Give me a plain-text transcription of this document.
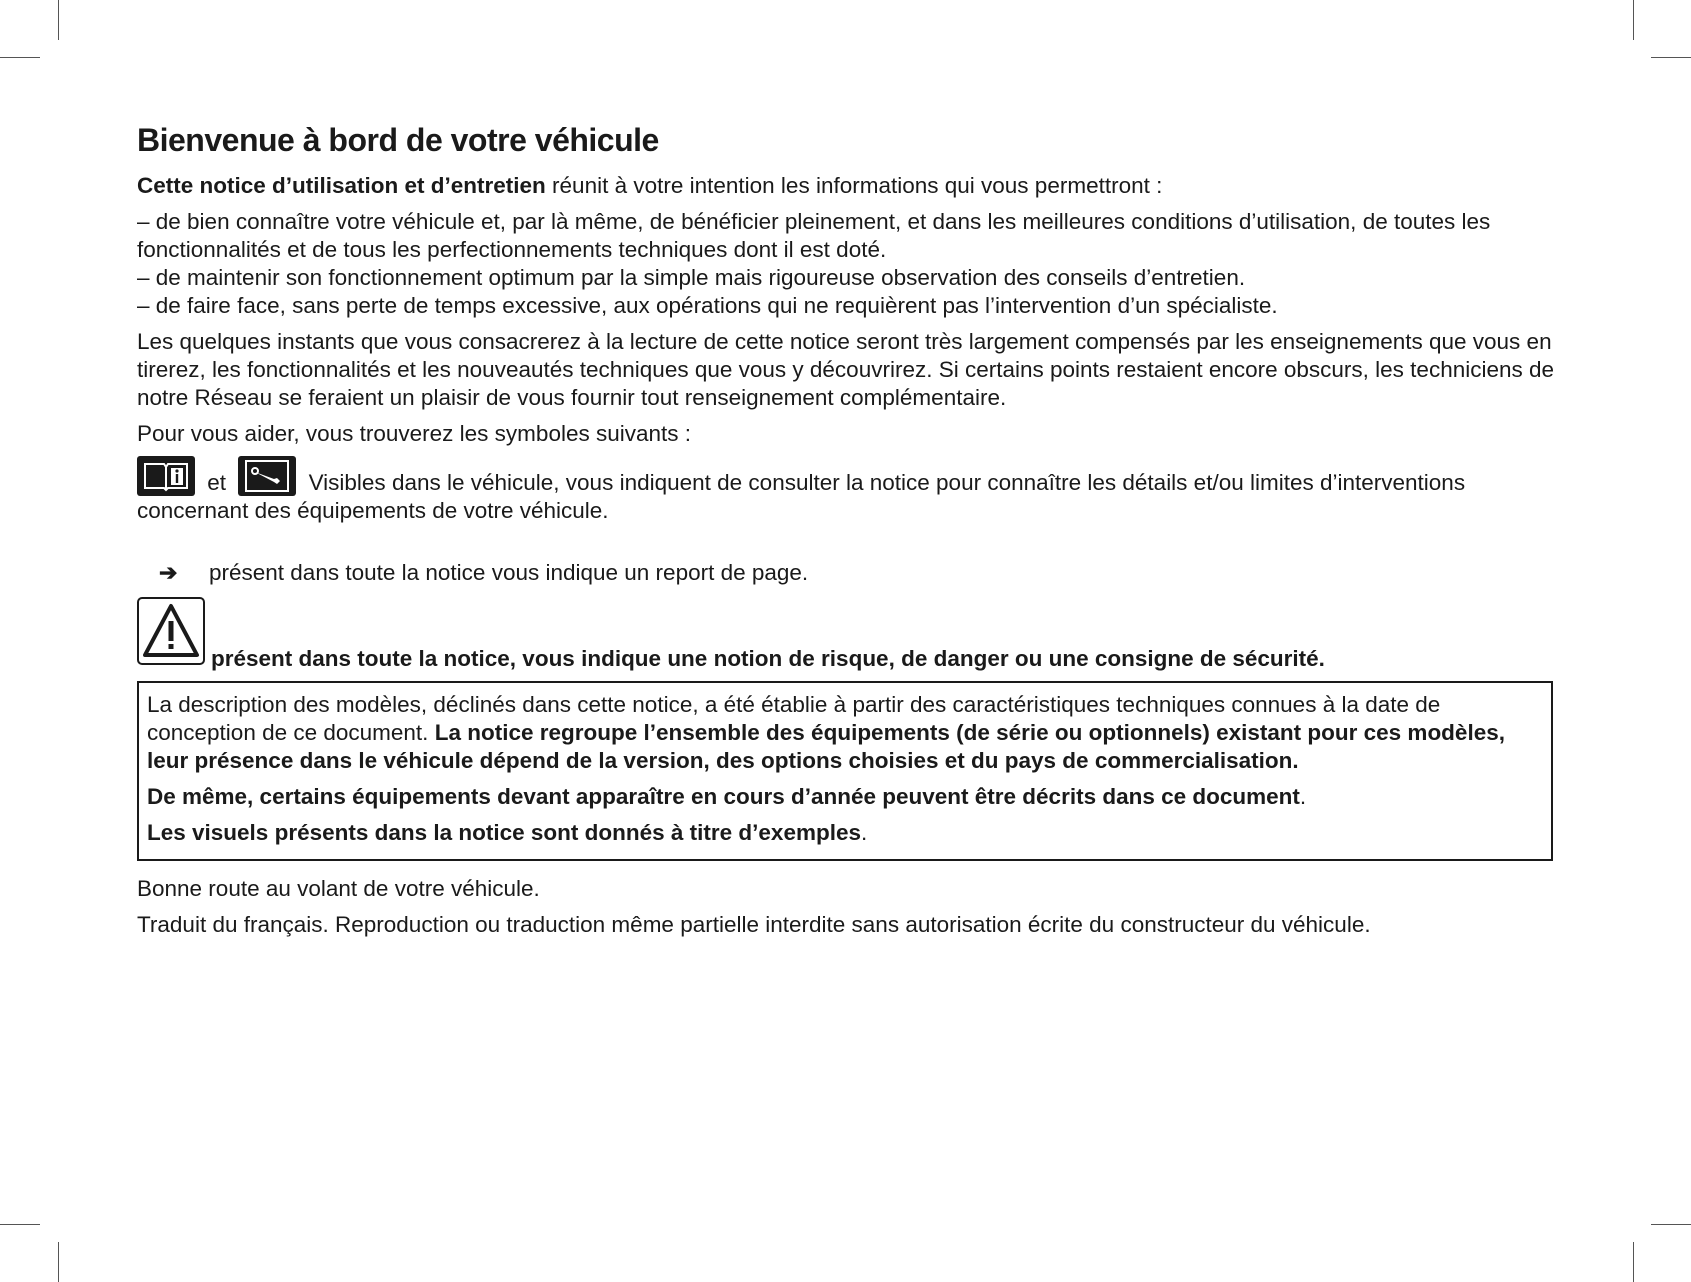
Bienvenue à bord de votre véhicule

Cette notice d’utilisation et d’entretien réunit à votre intention les informations qui vous permettront :

– de bien connaître votre véhicule et, par là même, de bénéficier pleinement, et dans les meilleures conditions d’utilisation, de toutes les fonctionnalités et de tous les perfectionnements techniques dont il est doté.

– de maintenir son fonctionnement optimum par la simple mais rigoureuse observation des conseils d’entretien.

– de faire face, sans perte de temps excessive, aux opérations qui ne requièrent pas l’intervention d’un spécialiste.

Les quelques instants que vous consacrerez à la lecture de cette notice seront très largement compensés par les enseignements que vous en tirerez, les fonctionnalités et les nouveautés techniques que vous y découvrirez. Si certains points restaient encore obscurs, les techniciens de notre Réseau se feraient un plaisir de vous fournir tout renseignement complémentaire.

Pour vous aider, vous trouverez les symboles suivants :

et	Visibles dans le véhicule, vous indiquent de consulter la notice pour connaître les détails et/ou limites d’interventions concernant des équipements de votre véhicule.

➔ présent dans toute la notice vous indique un report de page.
présent dans toute la notice, vous indique une notion de risque, de danger ou une consigne de sécurité.

La description des modèles, déclinés dans cette notice, a été établie à partir des caractéristiques techniques connues à la date de conception de ce document. La notice regroupe l’ensemble des équipements (de série ou optionnels) existant pour ces modèles, leur présence dans le véhicule dépend de la version, des options choisies et du pays de commercialisation.

De même, certains équipements devant apparaître en cours d’année peuvent être décrits dans ce document.

Les visuels présents dans la notice sont donnés à titre d’exemples.

Bonne route au volant de votre véhicule.

Traduit du français. Reproduction ou traduction même partielle interdite sans autorisation écrite du constructeur du véhicule.
